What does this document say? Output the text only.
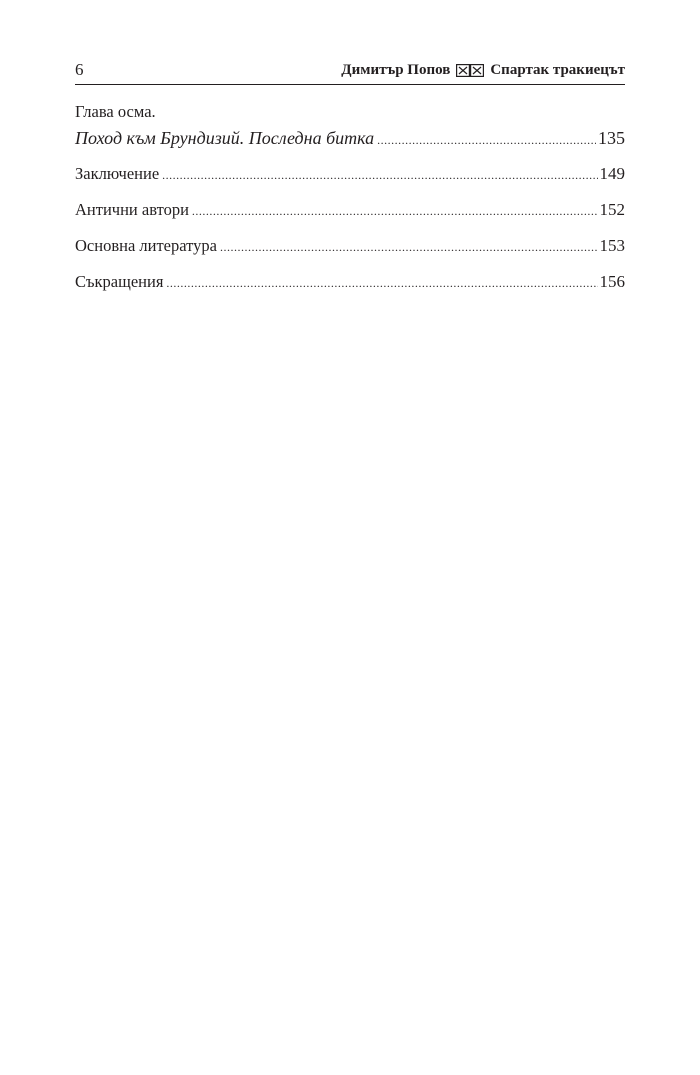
6	Димитър Попов	Спартак тракиецът
Глава осма.
Поход към Брундизий. Последна битка .....	135
Заключение .....	149
Антични автори .....	152
Основна литература .....	153
Съкращения .....	156
